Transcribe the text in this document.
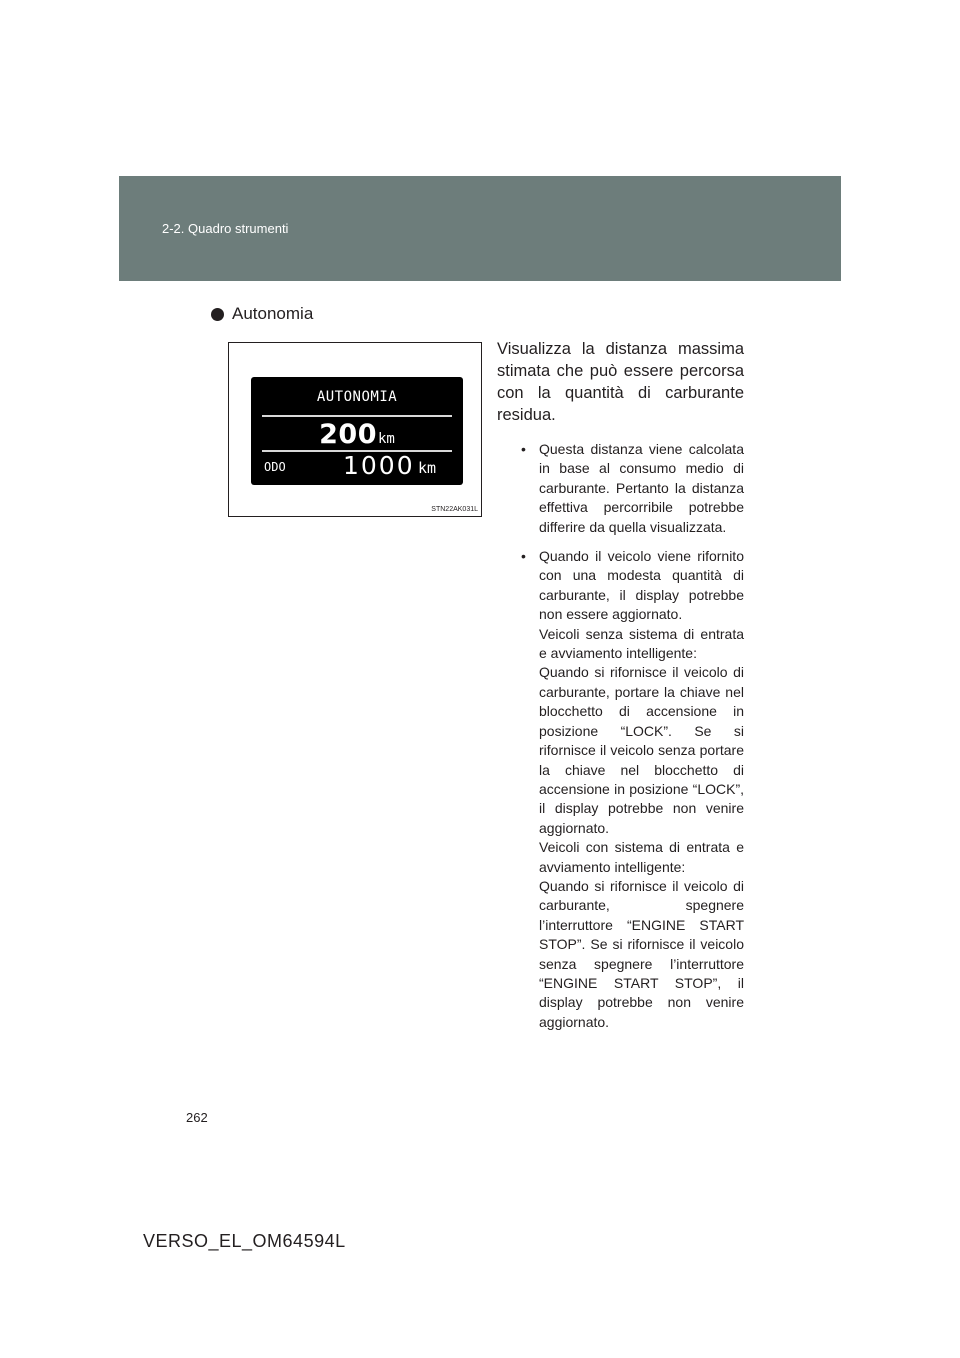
2-2. Quadro strumenti
Autonomia
AUTONOMIA
200km
ODO 1000 km
STN22AK031L
Visualizza la distanza massima stimata che può essere percorsa con la quantità di carburante residua.
• Questa distanza viene calcolata in base al consumo medio di carburante. Pertanto la distanza effettiva percorribile potrebbe differire da quella visualizzata.

• Quando il veicolo viene rifornito con una modesta quantità di carburante, il display potrebbe non essere aggiornato.

Veicoli senza sistema di entrata e avviamento intelligente:

Quando si rifornisce il veicolo di carburante, portare la chiave nel blocchetto di accensione in posizione “LOCK”. Se si rifornisce il veicolo senza portare la chiave nel blocchetto di accensione in posizione “LOCK”, il display potrebbe non venire aggiornato.

Veicoli con sistema di entrata e avviamento intelligente:

Quando si rifornisce il veicolo di carburante, spegnere l’interruttore “ENGINE START STOP”. Se si rifornisce il veicolo senza spegnere l’interruttore “ENGINE START STOP”, il display potrebbe non venire aggiornato.

262
VERSO_EL_OM64594L
